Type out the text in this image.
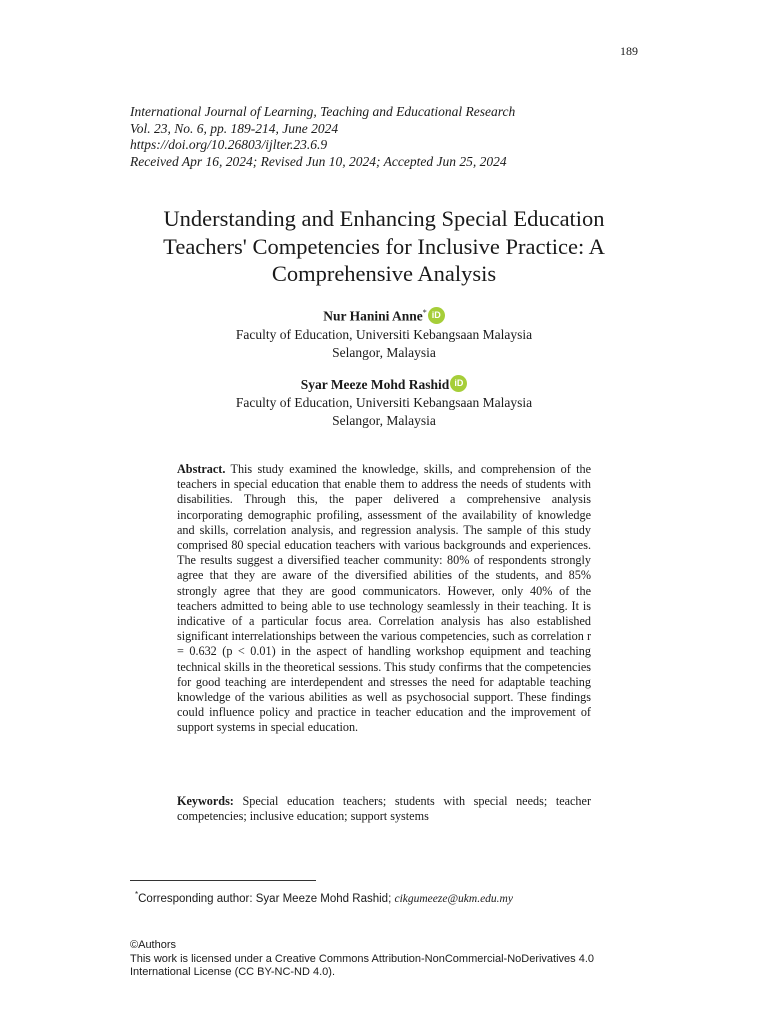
189
International Journal of Learning, Teaching and Educational Research
Vol. 23, No. 6, pp. 189-214, June 2024
https://doi.org/10.26803/ijlter.23.6.9
Received Apr 16, 2024; Revised Jun 10, 2024; Accepted Jun 25, 2024
Understanding and Enhancing Special Education
Teachers' Competencies for Inclusive Practice: A
Comprehensive Analysis
Nur Hanini Anne* iD
Faculty of Education, Universiti Kebangsaan Malaysia
Selangor, Malaysia
Syar Meeze Mohd Rashid iD
Faculty of Education, Universiti Kebangsaan Malaysia
Selangor, Malaysia
Abstract. This study examined the knowledge, skills, and comprehension of the teachers in special education that enable them to address the needs of students with disabilities. Through this, the paper delivered a comprehensive analysis incorporating demographic profiling, assessment of the availability of knowledge and skills, correlation analysis, and regression analysis. The sample of this study comprised 80 special education teachers with various backgrounds and experiences. The results suggest a diversified teacher community: 80% of respondents strongly agree that they are aware of the diversified abilities of the students, and 85% strongly agree that they are good communicators. However, only 40% of the teachers admitted to being able to use technology seamlessly in their teaching. It is indicative of a particular focus area. Correlation analysis has also established significant interrelationships between the various competencies, such as correlation r = 0.632 (p < 0.01) in the aspect of handling workshop equipment and teaching technical skills in the theoretical sessions. This study confirms that the competencies for good teaching are interdependent and stresses the need for adaptable teaching knowledge of the various abilities as well as psychosocial support. These findings could influence policy and practice in teacher education and the improvement of support systems in special education.
Keywords: Special education teachers; students with special needs; teacher competencies; inclusive education; support systems
*Corresponding author: Syar Meeze Mohd Rashid; cikgumeeze@ukm.edu.my
©Authors
This work is licensed under a Creative Commons Attribution-NonCommercial-NoDerivatives 4.0
International License (CC BY-NC-ND 4.0).
